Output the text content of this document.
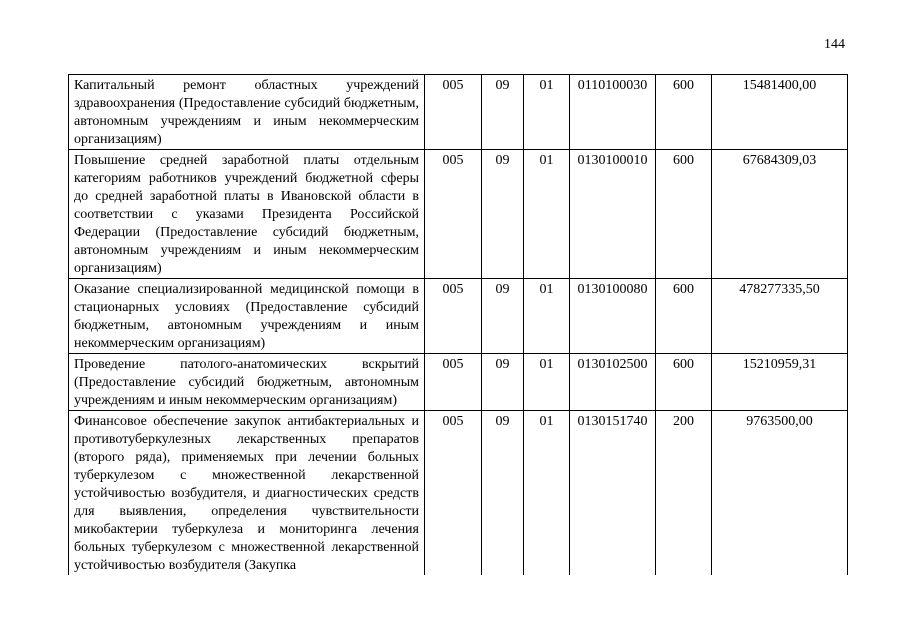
144
Капитальный ремонт областных учреждений здравоохранения (Предоставление субсидий бюджетным, автономным учреждениям и иным некоммерческим организациям)	005	09	01	0110100030	600	15481400,00
Повышение средней заработной платы отдельным категориям работников учреждений бюджетной сферы до средней заработной платы в Ивановской области в соответствии с указами Президента Российской Федерации (Предоставление субсидий бюджетным, автономным учреждениям и иным некоммерческим организациям)	005	09	01	0130100010	600	67684309,03
Оказание специализированной медицинской помощи в стационарных условиях (Предоставление субсидий бюджетным, автономным учреждениям и иным некоммерческим организациям)	005	09	01	0130100080	600	478277335,50
Проведение патолого-анатомических вскрытий (Предоставление субсидий бюджетным, автономным учреждениям и иным некоммерческим организациям)	005	09	01	0130102500	600	15210959,31
Финансовое обеспечение закупок антибактериальных и противотуберкулезных лекарственных препаратов (второго ряда), применяемых при лечении больных туберкулезом с множественной лекарственной устойчивостью возбудителя, и диагностических средств для выявления, определения чувствительности микобактерии туберкулеза и мониторинга лечения больных туберкулезом с множественной лекарственной устойчивостью возбудителя (Закупка	005	09	01	0130151740	200	9763500,00
